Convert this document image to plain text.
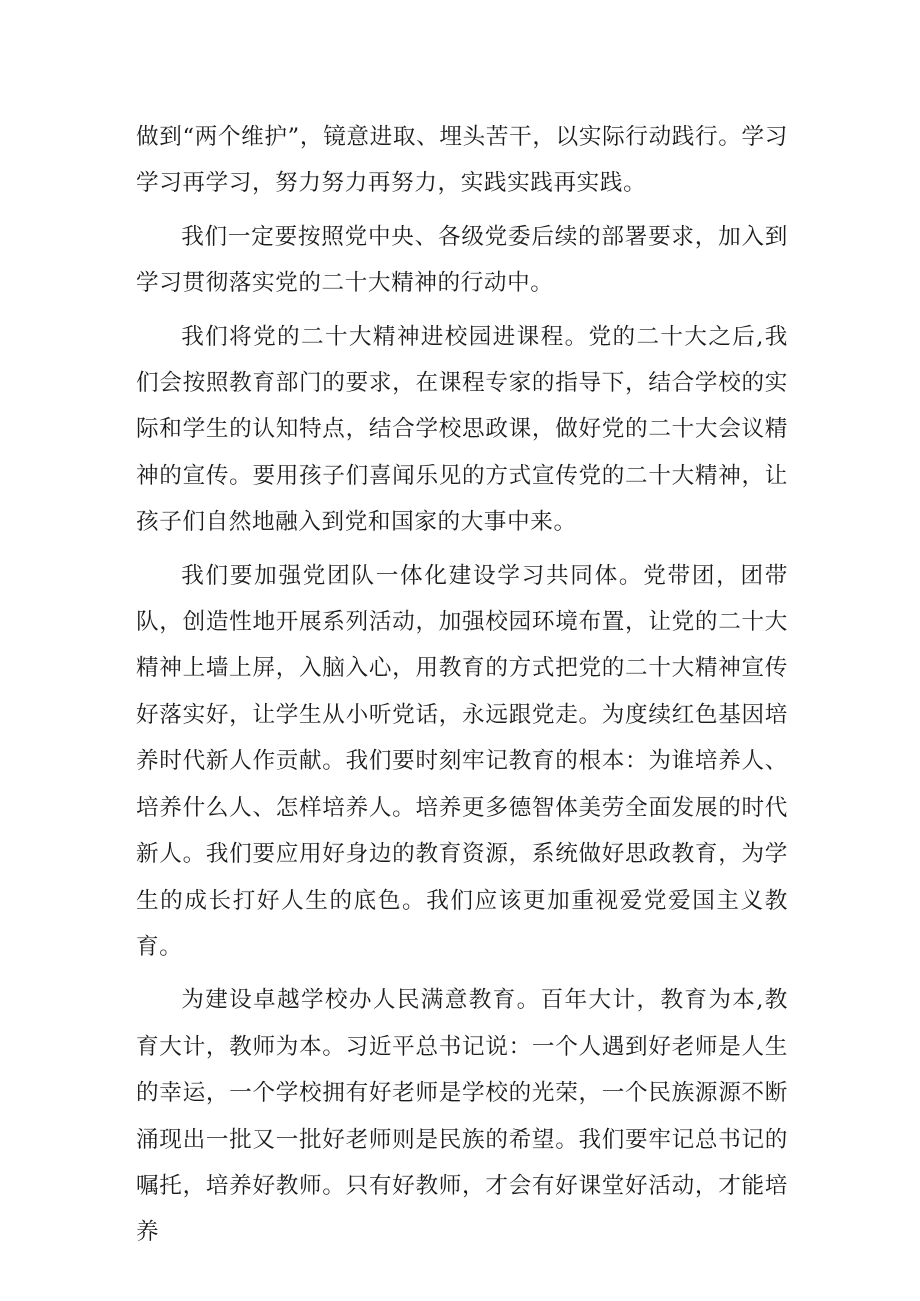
做到“两个维护”，镜意进取、埋头苦干，以实际行动践行。学习学习再学习，努力努力再努力，实践实践再实践。

我们一定要按照党中央、各级党委后续的部署要求，加入到学习贯彻落实党的二十大精神的行动中。

我们将党的二十大精神进校园进课程。党的二十大之后,我们会按照教育部门的要求，在课程专家的指导下，结合学校的实际和学生的认知特点，结合学校思政课，做好党的二十大会议精神的宣传。要用孩子们喜闻乐见的方式宣传党的二十大精神，让孩子们自然地融入到党和国家的大事中来。

我们要加强党团队一体化建设学习共同体。党带团，团带队，创造性地开展系列活动，加强校园环境布置，让党的二十大精神上墙上屏，入脑入心，用教育的方式把党的二十大精神宣传好落实好，让学生从小听党话，永远跟党走。为度续红色基因培养时代新人作贡献。我们要时刻牢记教育的根本：为谁培养人、培养什么人、怎样培养人。培养更多德智体美劳全面发展的时代新人。我们要应用好身边的教育资源，系统做好思政教育，为学生的成长打好人生的底色。我们应该更加重视爱党爱国主义教育。

为建设卓越学校办人民满意教育。百年大计，教育为本,教育大计，教师为本。习近平总书记说：一个人遇到好老师是人生的幸运，一个学校拥有好老师是学校的光荣，一个民族源源不断涌现出一批又一批好老师则是民族的希望。我们要牢记总书记的嘱托，培养好教师。只有好教师，才会有好课堂好活动，才能培养
